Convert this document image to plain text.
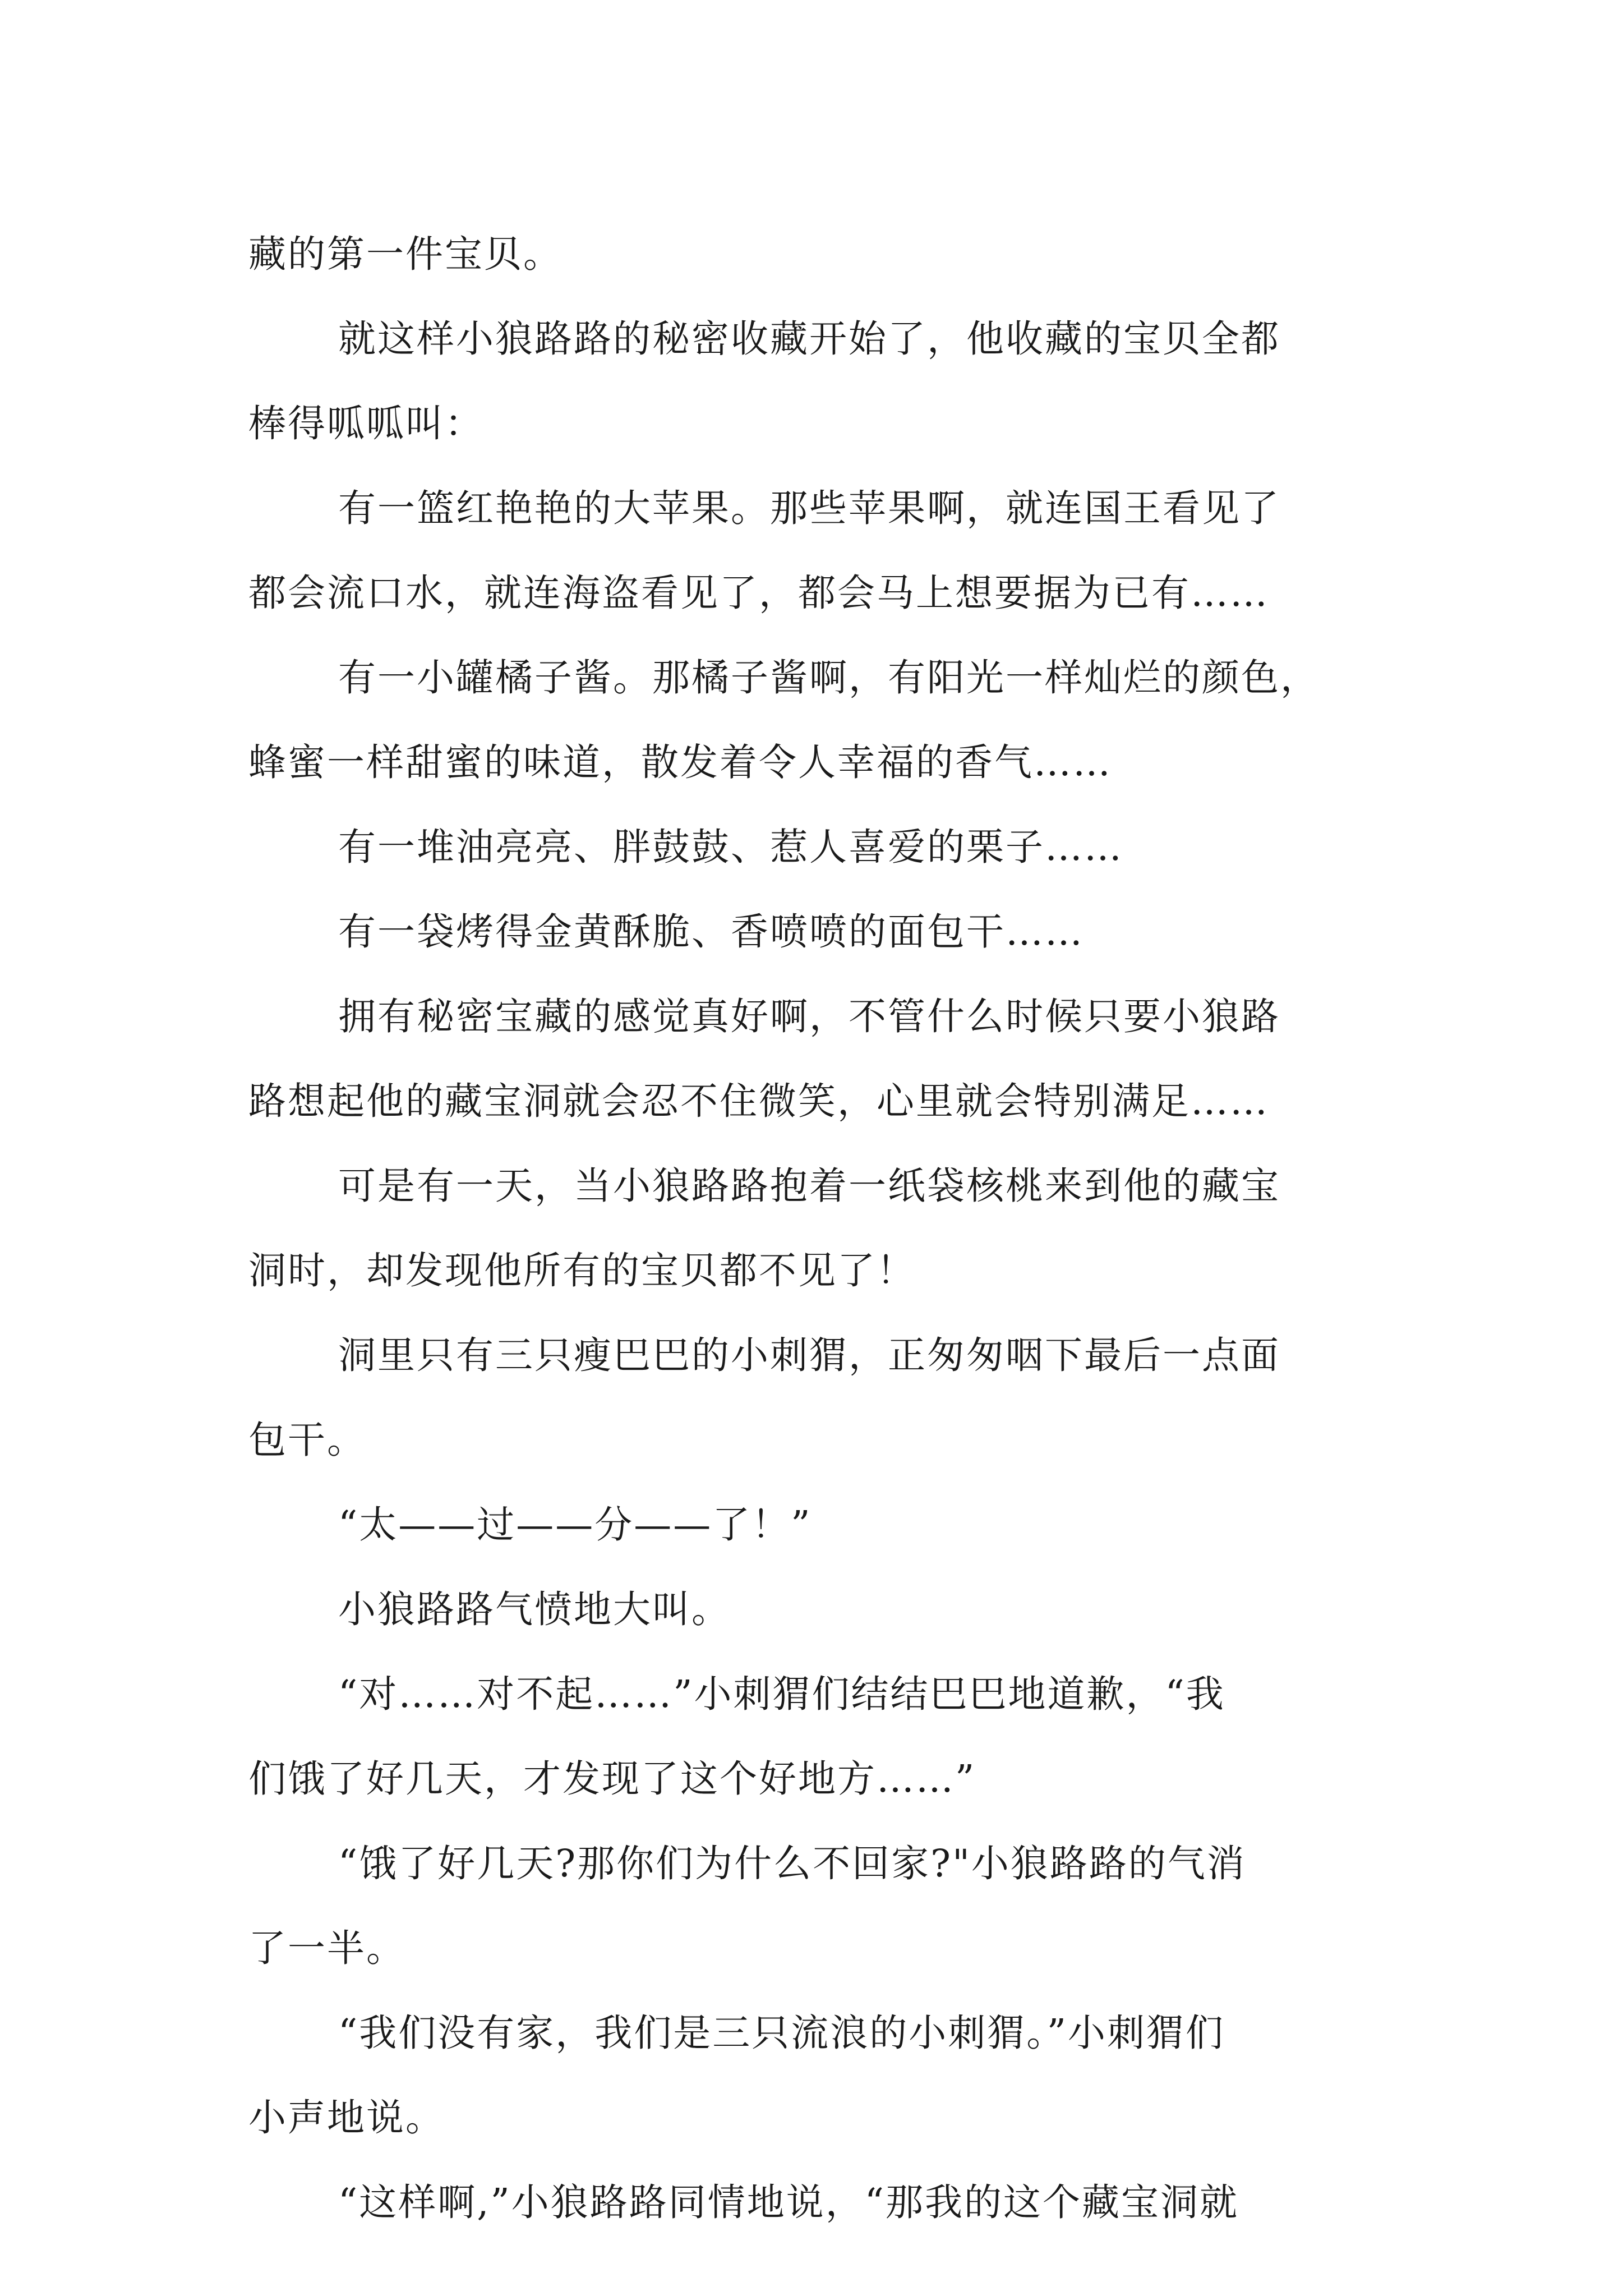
藏的第一件宝贝。
就这样小狼路路的秘密收藏开始了，他收藏的宝贝全都
棒得呱呱叫：
有一篮红艳艳的大苹果。那些苹果啊，就连国王看见了
都会流口水，就连海盗看见了，都会马上想要据为已有……
有一小罐橘子酱。那橘子酱啊，有阳光一样灿烂的颜色，
蜂蜜一样甜蜜的味道，散发着令人幸福的香气……
有一堆油亮亮、胖鼓鼓、惹人喜爱的栗子……
有一袋烤得金黄酥脆、香喷喷的面包干……
拥有秘密宝藏的感觉真好啊，不管什么时候只要小狼路
路想起他的藏宝洞就会忍不住微笑，心里就会特别满足……
可是有一天，当小狼路路抱着一纸袋核桃来到他的藏宝
洞时，却发现他所有的宝贝都不见了！
洞里只有三只瘦巴巴的小刺猬，正匆匆咽下最后一点面
包干。
“太——过——分——了！”
小狼路路气愤地大叫。
“对……对不起……”小刺猬们结结巴巴地道歉，“我
们饿了好几天，才发现了这个好地方……”
“饿了好几天?那你们为什么不回家?"小狼路路的气消
了一半。
“我们没有家，我们是三只流浪的小刺猬。”小刺猬们
小声地说。
“这样啊,”小狼路路同情地说，“那我的这个藏宝洞就
